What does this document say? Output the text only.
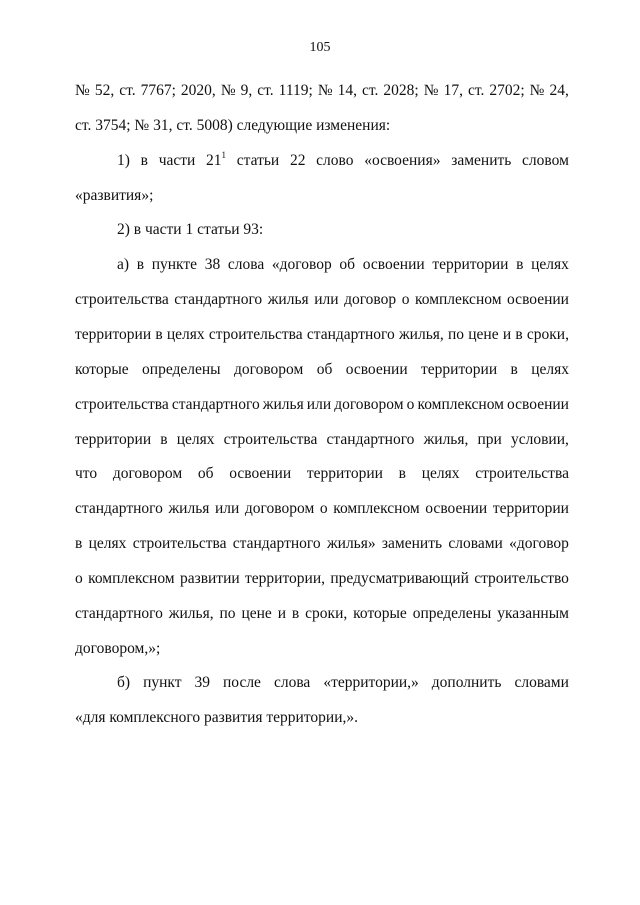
105
№ 52, ст. 7767; 2020, № 9, ст. 1119; № 14, ст. 2028; № 17, ст. 2702; № 24,
ст. 3754; № 31, ст. 5008) следующие изменения:
1) в части $21^1$ статьи 22 слово «освоения» заменить словом
«развития»;
2) в части 1 статьи 93:
а) в пункте 38 слова «договор об освоении территории в целях
строительства стандартного жилья или договор о комплексном освоении
территории в целях строительства стандартного жилья, по цене и в сроки,
которые определены договором об освоении территории в целях
строительства стандартного жилья или договором о комплексном освоении
территории в целях строительства стандартного жилья, при условии,
что договором об освоении территории в целях строительства
стандартного жилья или договором о комплексном освоении территории
в целях строительства стандартного жилья» заменить словами «договор
о комплексном развитии территории, предусматривающий строительство
стандартного жилья, по цене и в сроки, которые определены указанным
договором,»;
б) пункт 39 после слова «территории,» дополнить словами
«для комплексного развития территории,».
